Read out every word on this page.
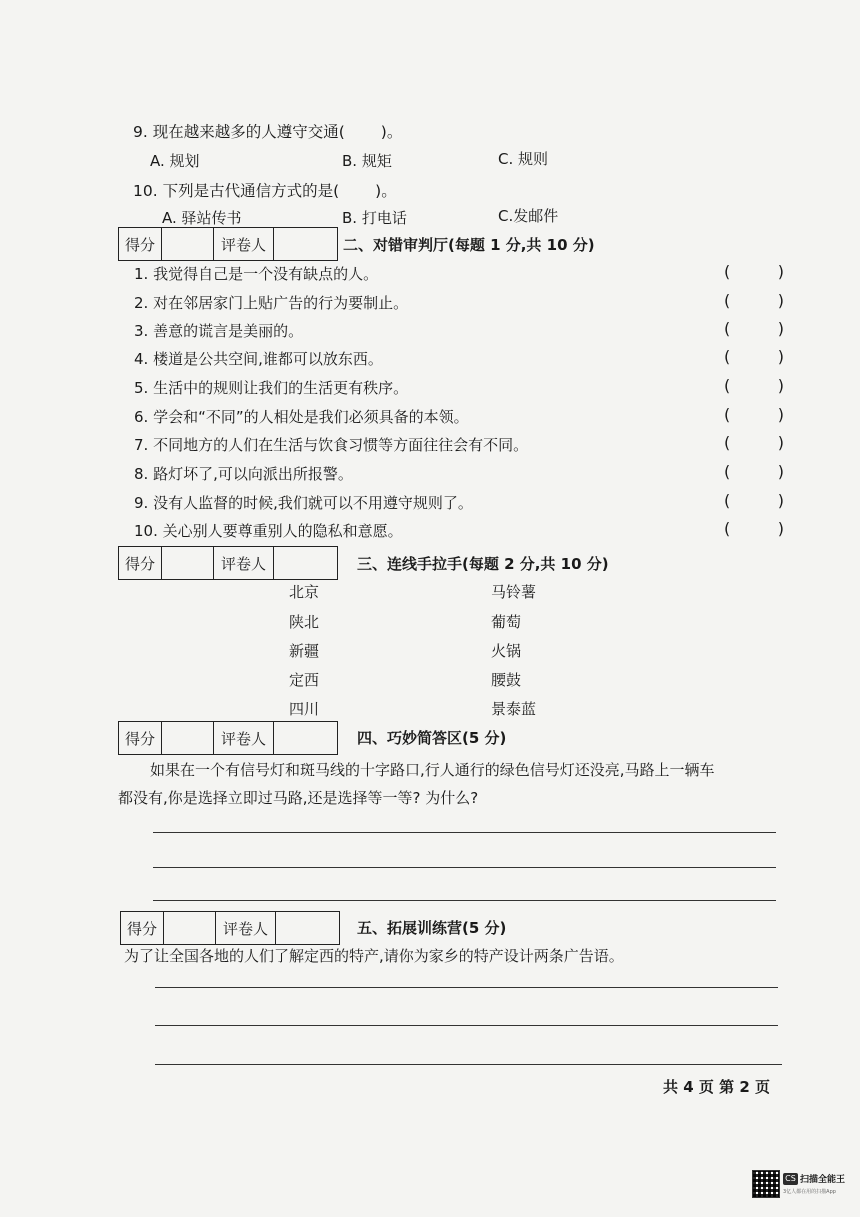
9. 现在越来越多的人遵守交通( )。
A. 规划	B. 规矩	C. 规则
10. 下列是古代通信方式的是( )。
A. 驿站传书	B. 打电话	C.发邮件
得分	评卷人	二、对错审判厅(每题 1 分,共 10 分)
1. 我觉得自己是一个没有缺点的人。	(	)
2. 对在邻居家门上贴广告的行为要制止。	(	)
3. 善意的谎言是美丽的。	(	)
4. 楼道是公共空间,谁都可以放东西。	(	)
5. 生活中的规则让我们的生活更有秩序。	(	)
6. 学会和“不同”的人相处是我们必须具备的本领。	(	)
7. 不同地方的人们在生活与饮食习惯等方面往往会有不同。	(	)
8. 路灯坏了,可以向派出所报警。	(	)
9. 没有人监督的时候,我们就可以不用遵守规则了。	(	)
10. 关心别人要尊重别人的隐私和意愿。	(	)
得分	评卷人	三、连线手拉手(每题 2 分,共 10 分)
北京
陕北
新疆
定西
四川
马铃薯
葡萄
火锅
腰鼓
景泰蓝
得分	评卷人	四、巧妙简答区(5 分)
如果在一个有信号灯和斑马线的十字路口,行人通行的绿色信号灯还没亮,马路上一辆车
都没有,你是选择立即过马路,还是选择等一等? 为什么?
得分	评卷人	五、拓展训练营(5 分)
为了让全国各地的人们了解定西的特产,请你为家乡的特产设计两条广告语。
共 4 页 第 2 页
CS 扫描全能王
3亿人都在用的扫描App
